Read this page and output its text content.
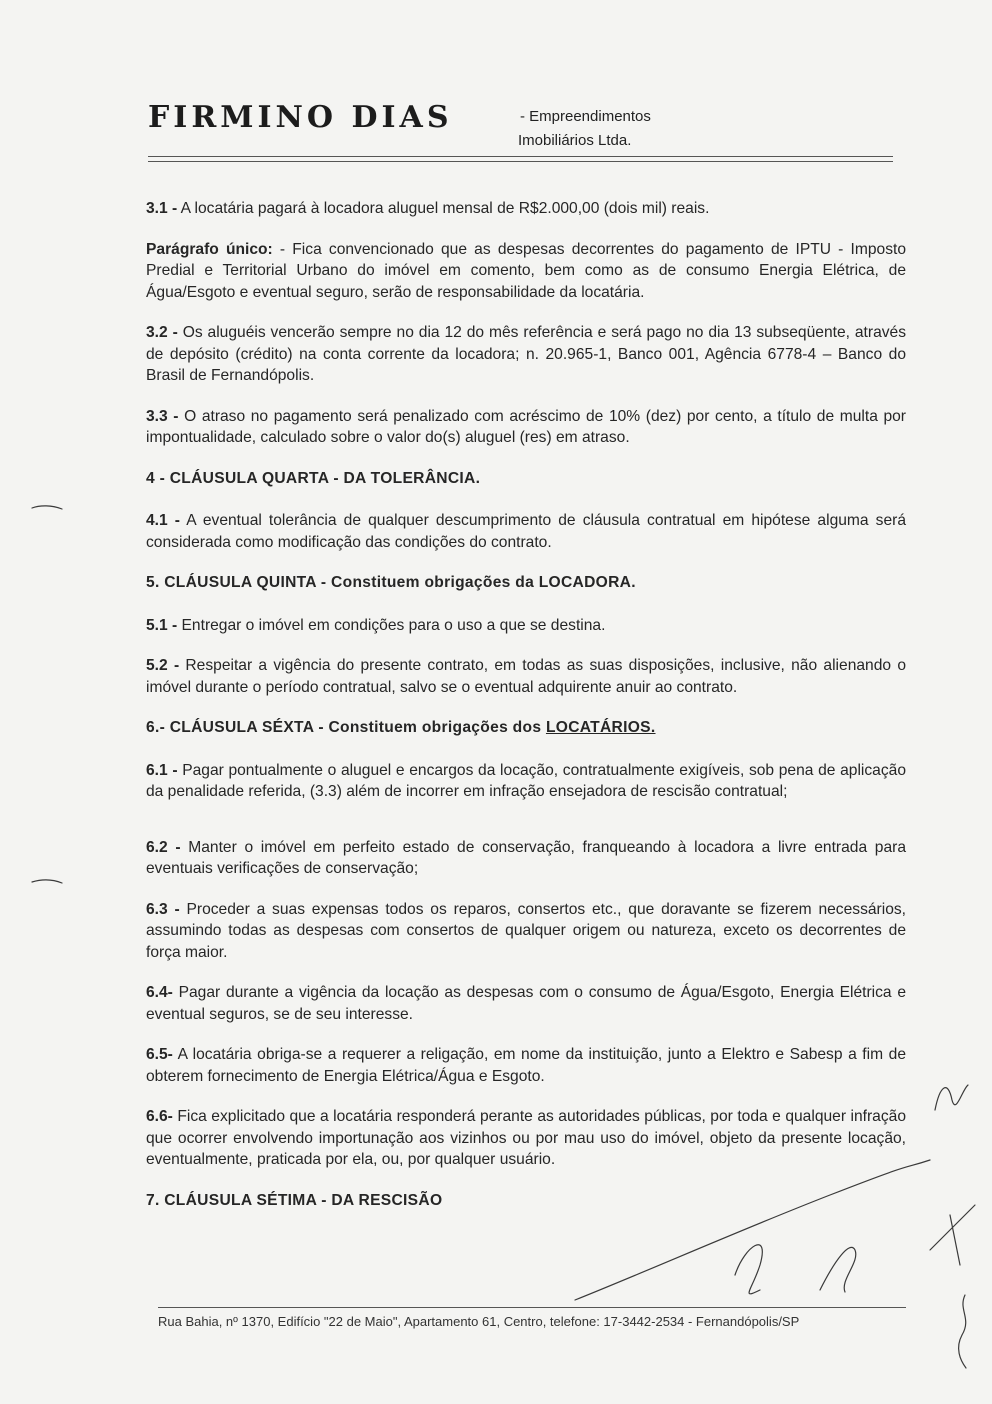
FIRMINO DIAS	- Empreendimentos
Imobiliários Ltda.

3.1 - A locatária pagará à locadora aluguel mensal de R$2.000,00 (dois mil) reais.

Parágrafo único: - Fica convencionado que as despesas decorrentes do pagamento de IPTU - Imposto Predial e Territorial Urbano do imóvel em comento, bem como as de consumo Energia Elétrica, de Água/Esgoto e eventual seguro, serão de responsabilidade da locatária.

3.2 - Os aluguéis vencerão sempre no dia 12 do mês referência e será pago no dia 13 subseqüente, através de depósito (crédito) na conta corrente da locadora; n. 20.965-1, Banco 001, Agência 6778-4 – Banco do Brasil de Fernandópolis.

3.3 - O atraso no pagamento será penalizado com acréscimo de 10% (dez) por cento, a título de multa por impontualidade, calculado sobre o valor do(s) aluguel (res) em atraso.

4 - CLÁUSULA QUARTA - DA TOLERÂNCIA.

4.1 - A eventual tolerância de qualquer descumprimento de cláusula contratual em hipótese alguma será considerada como modificação das condições do contrato.

5. CLÁUSULA QUINTA - Constituem obrigações da LOCADORA.

5.1 - Entregar o imóvel em condições para o uso a que se destina.

5.2 - Respeitar a vigência do presente contrato, em todas as suas disposições, inclusive, não alienando o imóvel durante o período contratual, salvo se o eventual adquirente anuir ao contrato.

6.- CLÁUSULA SÉXTA - Constituem obrigações dos LOCATÁRIOS.

6.1 - Pagar pontualmente o aluguel e encargos da locação, contratualmente exigíveis, sob pena de aplicação da penalidade referida, (3.3) além de incorrer em infração ensejadora de rescisão contratual;

6.2 - Manter o imóvel em perfeito estado de conservação, franqueando à locadora a livre entrada para eventuais verificações de conservação;

6.3 - Proceder a suas expensas todos os reparos, consertos etc., que doravante se fizerem necessários, assumindo todas as despesas com consertos de qualquer origem ou natureza, exceto os decorrentes de força maior.

6.4- Pagar durante a vigência da locação as despesas com o consumo de Água/Esgoto, Energia Elétrica e eventual seguros, se de seu interesse.

6.5- A locatária obriga-se a requerer a religação, em nome da instituição, junto a Elektro e Sabesp a fim de obterem fornecimento de Energia Elétrica/Água e Esgoto.

6.6- Fica explicitado que a locatária responderá perante as autoridades públicas, por toda e qualquer infração que ocorrer envolvendo importunação aos vizinhos ou por mau uso do imóvel, objeto da presente locação, eventualmente, praticada por ela, ou, por qualquer usuário.

7. CLÁUSULA SÉTIMA - DA RESCISÃO

Rua Bahia, nº 1370, Edifício "22 de Maio", Apartamento 61, Centro, telefone: 17-3442-2534 - Fernandópolis/SP
